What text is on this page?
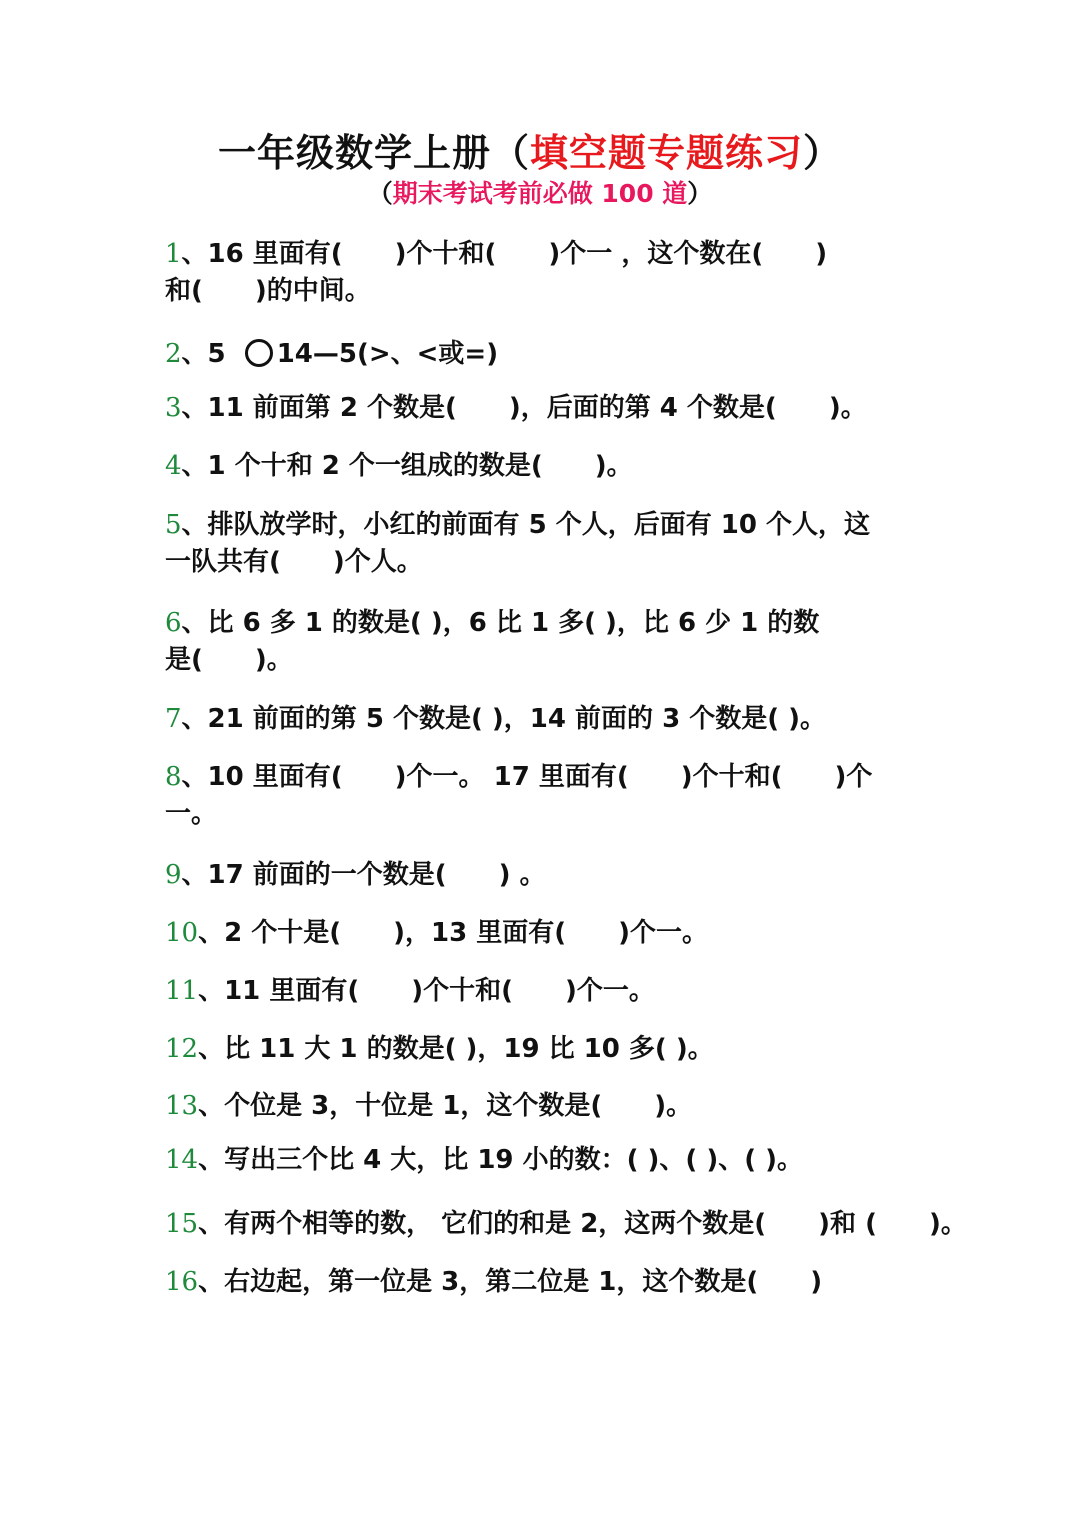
一年级数学上册（填空题专题练习）
（期末考试考前必做 100 道）
1、16 里面有(　　)个十和(　　)个一 ，这个数在(　　)
和(　　)的中间。
2、5 14—5(>、<或=)
3、11 前面第 2 个数是(　　)，后面的第 4 个数是(　　)。
4、1 个十和 2 个一组成的数是(　　)。
5、排队放学时，小红的前面有 5 个人，后面有 10 个人，这
一队共有(　　)个人。
6、比 6 多 1 的数是( )，6 比 1 多( )，比 6 少 1 的数
是(　　)。
7、21 前面的第 5 个数是( )，14 前面的 3 个数是( )。
8、10 里面有(　　)个一。 17 里面有(　　)个十和(　　)个
一。
9、17 前面的一个数是(　　) 。
10、2 个十是(　　)，13 里面有(　　)个一。
11、11 里面有(　　)个十和(　　)个一。
12、比 11 大 1 的数是( )，19 比 10 多( )。
13、个位是 3，十位是 1，这个数是(　　)。
14、写出三个比 4 大，比 19 小的数：( )、( )、( )。
15、有两个相等的数， 它们的和是 2，这两个数是(　　)和 (　　)。
16、右边起，第一位是 3，第二位是 1，这个数是(　　)
